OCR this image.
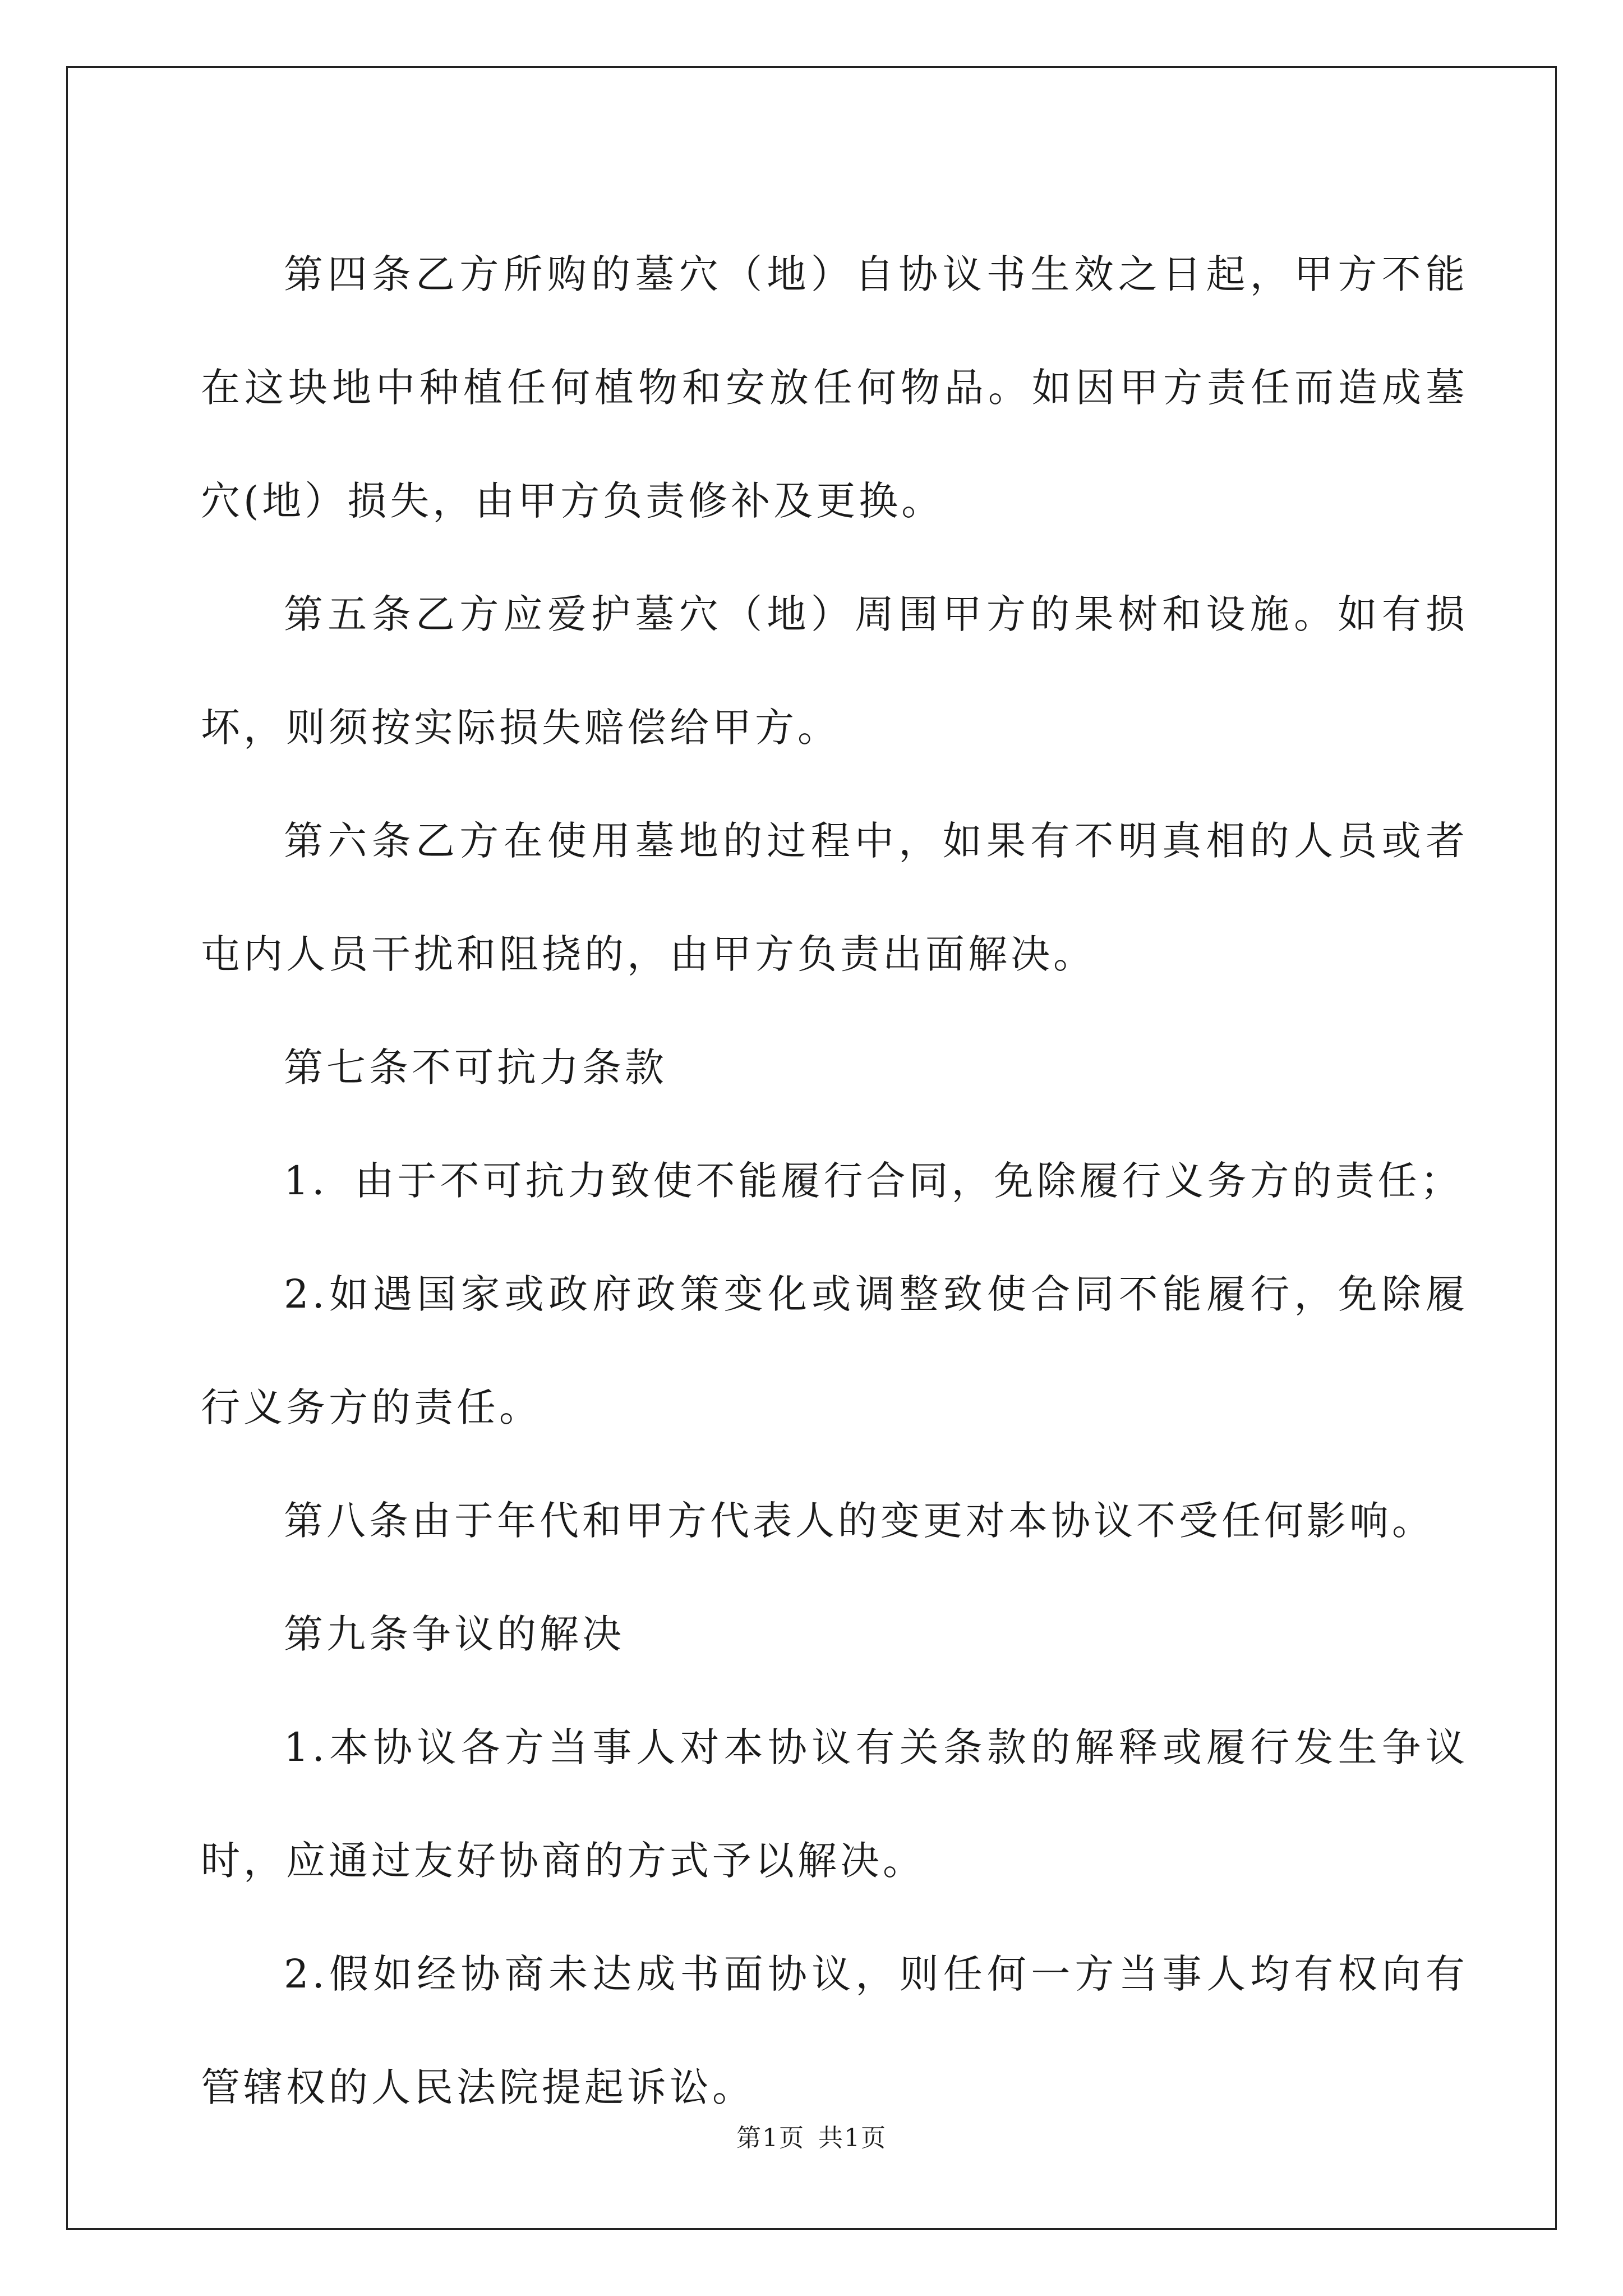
第四条乙方所购的墓穴（地）自协议书生效之日起，甲方不能在这块地中种植任何植物和安放任何物品。如因甲方责任而造成墓穴(地）损失，由甲方负责修补及更换。

第五条乙方应爱护墓穴（地）周围甲方的果树和设施。如有损坏，则须按实际损失赔偿给甲方。

第六条乙方在使用墓地的过程中，如果有不明真相的人员或者屯内人员干扰和阻挠的，由甲方负责出面解决。

第七条不可抗力条款

1．由于不可抗力致使不能履行合同，免除履行义务方的责任；

2.如遇国家或政府政策变化或调整致使合同不能履行，免除履行义务方的责任。

第八条由于年代和甲方代表人的变更对本协议不受任何影响。

第九条争议的解决

1.本协议各方当事人对本协议有关条款的解释或履行发生争议时，应通过友好协商的方式予以解决。

2.假如经协商未达成书面协议，则任何一方当事人均有权向有管辖权的人民法院提起诉讼。

第1页 共1页
